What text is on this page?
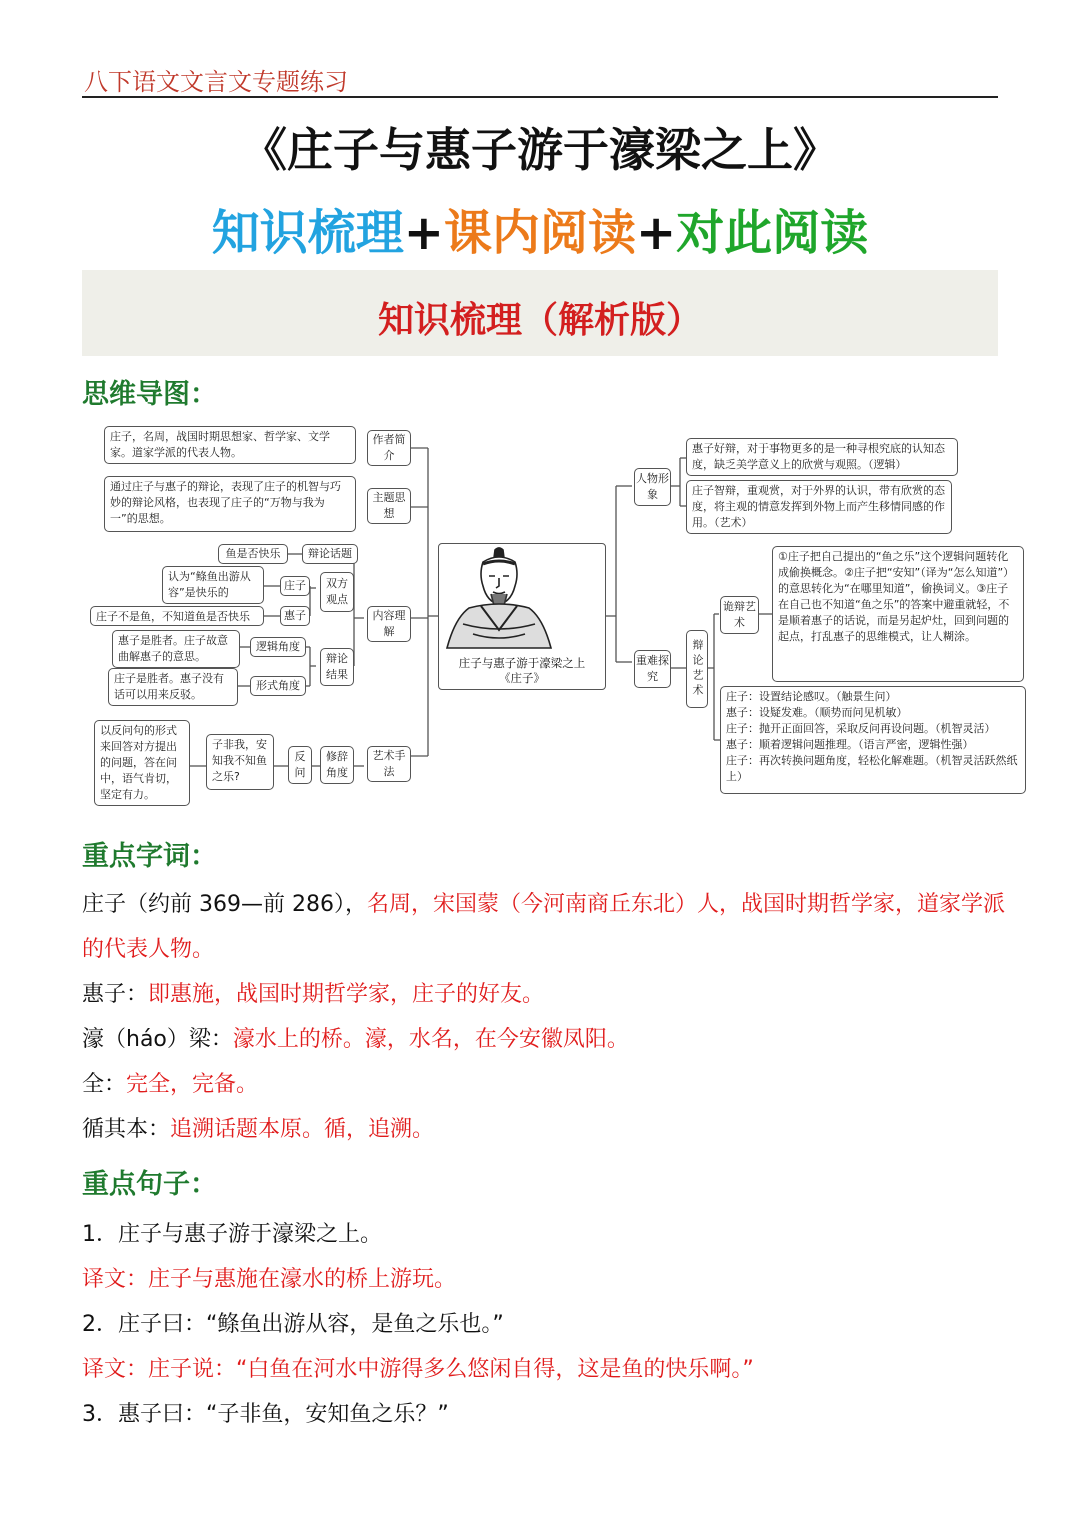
八下语文文言文专题练习
《庄子与惠子游于濠梁之上》
知识梳理+课内阅读+对此阅读
知识梳理（解析版）
思维导图：
庄子，名周，战国时期思想家、哲学家、文学家。道家学派的代表人物。
作者简介
通过庄子与惠子的辩论，表现了庄子的机智与巧妙的辩论风格，也表现了庄子的“万物与我为一”的思想。
主题思想
内容理解
鱼是否快乐	辩论话题
双方观点
庄子
认为“鲦鱼出游从容”是快乐的
惠子
庄子不是鱼，不知道鱼是否快乐
辩论结果
逻辑角度
惠子是胜者。庄子故意曲解惠子的意思。
形式角度
庄子是胜者。惠子没有话可以用来反驳。
艺术手法
修辞角度
反问
子非我，安知我不知鱼之乐?
以反问句的形式来回答对方提出的问题，答在问中，语气肯切，坚定有力。
庄子与惠子游于濠梁之上
《庄子》
人物形象
惠子好辩，对于事物更多的是一种寻根究底的认知态度，缺乏美学意义上的欣赏与观照。（逻辑）
庄子智辩，重观赏，对于外界的认识，带有欣赏的态度，将主观的情意发挥到外物上而产生移情同感的作用。（艺术）
重难探究	辩论艺术
诡辩艺术
①庄子把自己提出的“鱼之乐”这个逻辑问题转化成偷换概念。②庄子把“安知”（译为“怎么知道”）的意思转化为“在哪里知道”，偷换词义。③庄子在自己也不知道“鱼之乐”的答案中避重就轻，不是顺着惠子的话说，而是另起炉灶，回到问题的起点，打乱惠子的思维模式，让人糊涂。
庄子：设置结论感叹。（触景生问）
惠子：设疑发难。（顺势而问见机敏）
庄子：抛开正面回答，采取反问再设问题。（机智灵活）
惠子：顺着逻辑问题推理。（语言严密，逻辑性强）
庄子：再次转换问题角度，轻松化解难题。（机智灵活跃然纸上）
重点字词：
庄子（约前 369—前 286），名周，宋国蒙（今河南商丘东北）人，战国时期哲学家，道家学派
的代表人物。
惠子：即惠施，战国时期哲学家，庄子的好友。
濠（háo）梁：濠水上的桥。濠，水名，在今安徽凤阳。
全：完全，完备。
循其本：追溯话题本原。循，追溯。
重点句子：
1．庄子与惠子游于濠梁之上。
译文：庄子与惠施在濠水的桥上游玩。
2．庄子曰：“鲦鱼出游从容，是鱼之乐也。”
译文：庄子说：“白鱼在河水中游得多么悠闲自得，这是鱼的快乐啊。”
3．惠子曰：“子非鱼，安知鱼之乐？”
